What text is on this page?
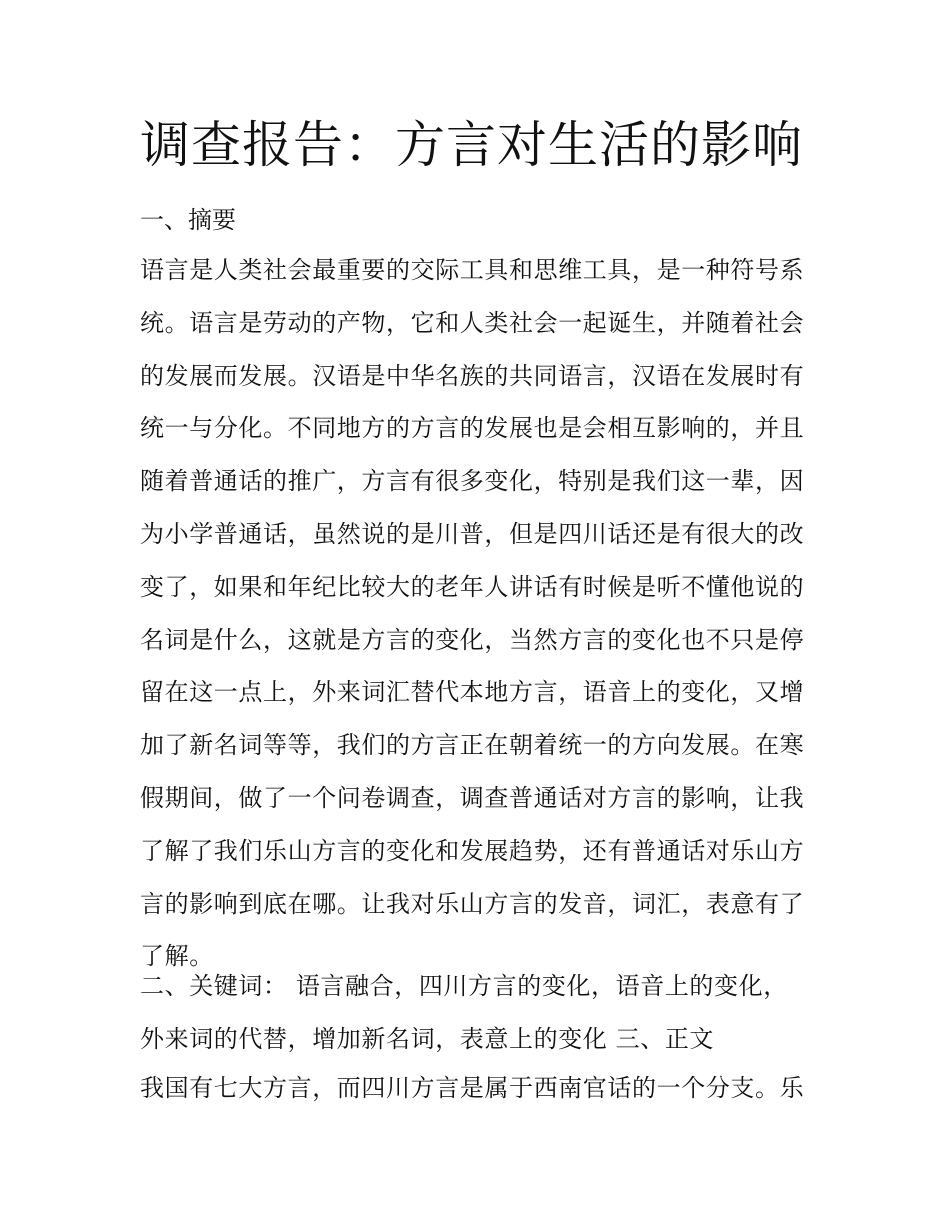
调查报告：方言对生活的影响
一、摘要
语言是人类社会最重要的交际工具和思维工具，是一种符号系
统。语言是劳动的产物，它和人类社会一起诞生，并随着社会
的发展而发展。汉语是中华名族的共同语言，汉语在发展时有
统一与分化。不同地方的方言的发展也是会相互影响的，并且
随着普通话的推广，方言有很多变化，特别是我们这一辈，因
为小学普通话，虽然说的是川普，但是四川话还是有很大的改
变了，如果和年纪比较大的老年人讲话有时候是听不懂他说的
名词是什么，这就是方言的变化，当然方言的变化也不只是停
留在这一点上，外来词汇替代本地方言，语音上的变化，又增
加了新名词等等，我们的方言正在朝着统一的方向发展。在寒
假期间，做了一个问卷调查，调查普通话对方言的影响，让我
了解了我们乐山方言的变化和发展趋势，还有普通话对乐山方
言的影响到底在哪。让我对乐山方言的发音，词汇，表意有了
了解。
二、关键词： 语言融合，四川方言的变化，语音上的变化，
外来词的代替，增加新名词，表意上的变化 三、正文
我国有七大方言，而四川方言是属于西南官话的一个分支。乐
